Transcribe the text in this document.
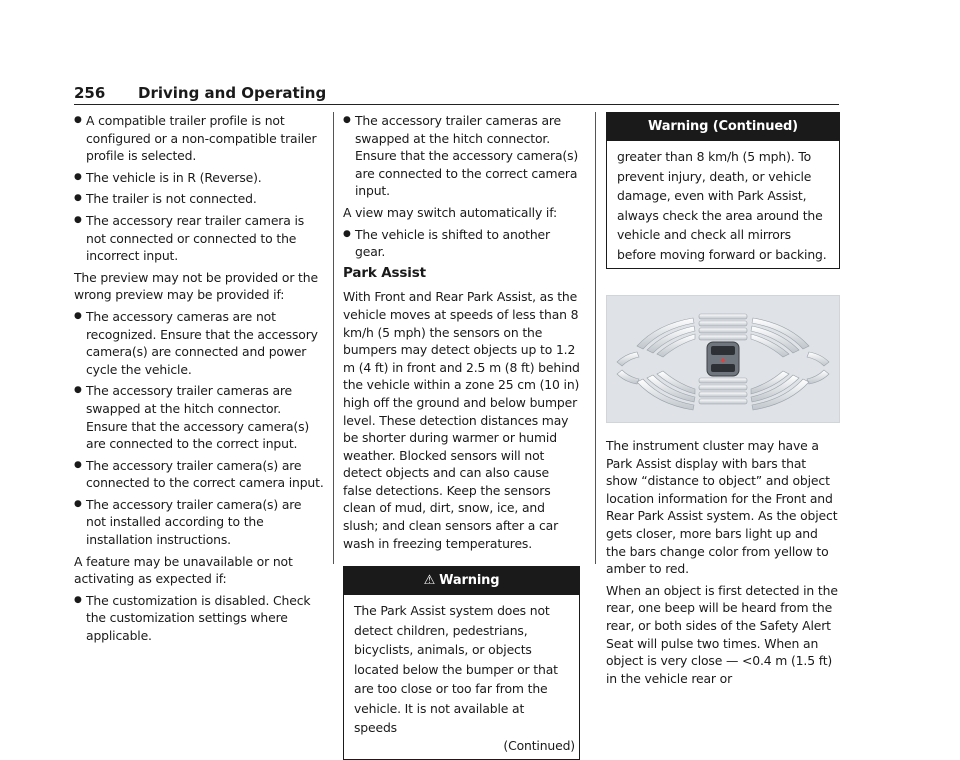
256 Driving and Operating
● A compatible trailer profile is not configured or a non-compatible trailer profile is selected.
● The vehicle is in R (Reverse).
● The trailer is not connected.
● The accessory rear trailer camera is not connected or connected to the incorrect input.

The preview may not be provided or the wrong preview may be provided if:

● The accessory cameras are not recognized. Ensure that the accessory camera(s) are connected and power cycle the vehicle.
● The accessory trailer cameras are swapped at the hitch connector. Ensure that the accessory camera(s) are connected to the correct input.
● The accessory trailer camera(s) are connected to the correct camera input.
● The accessory trailer camera(s) are not installed according to the installation instructions.

A feature may be unavailable or not activating as expected if:

● The customization is disabled. Check the customization settings where applicable.
● The accessory trailer cameras are swapped at the hitch connector. Ensure that the accessory camera(s) are connected to the correct camera input.

A view may switch automatically if:

● The vehicle is shifted to another gear.
Park Assist

With Front and Rear Park Assist, as the vehicle moves at speeds of less than 8 km/h (5 mph) the sensors on the bumpers may detect objects up to 1.2 m (4 ft) in front and 2.5 m (8 ft) behind the vehicle within a zone 25 cm (10 in) high off the ground and below bumper level. These detection distances may be shorter during warmer or humid weather. Blocked sensors will not detect objects and can also cause false detections. Keep the sensors clean of mud, dirt, snow, ice, and slush; and clean sensors after a car wash in freezing temperatures.

⚠ Warning
The Park Assist system does not detect children, pedestrians, bicyclists, animals, or objects located below the bumper or that are too close or too far from the vehicle. It is not available at speeds
(Continued)
Warning (Continued)
greater than 8 km/h (5 mph). To prevent injury, death, or vehicle damage, even with Park Assist, always check the area around the vehicle and check all mirrors before moving forward or backing.
◆

The instrument cluster may have a Park Assist display with bars that show “distance to object” and object location information for the Front and Rear Park Assist system. As the object gets closer, more bars light up and the bars change color from yellow to amber to red.

When an object is first detected in the rear, one beep will be heard from the rear, or both sides of the Safety Alert Seat will pulse two times. When an object is very close — <0.4 m (1.5 ft) in the vehicle rear or
